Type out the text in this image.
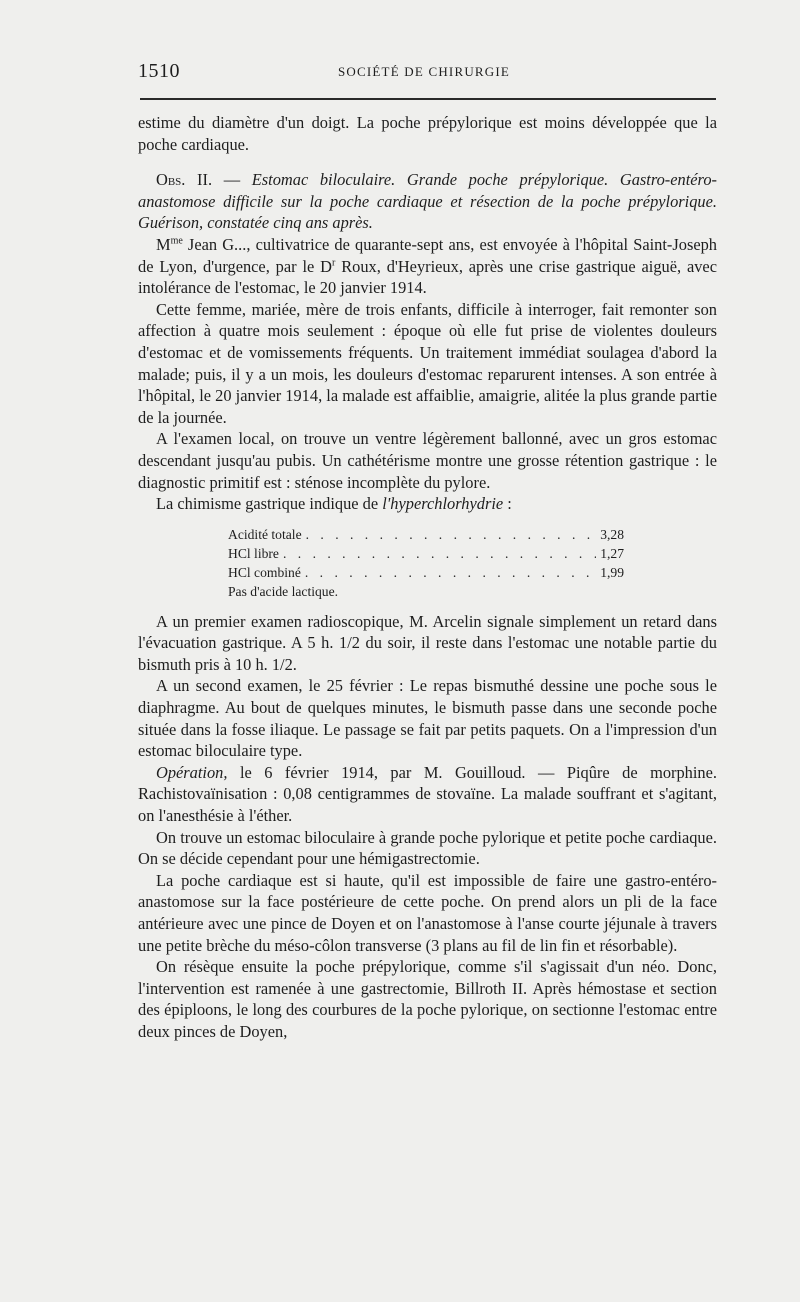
1510	SOCIÉTÉ DE CHIRURGIE

estime du diamètre d'un doigt. La poche prépylorique est moins développée que la poche cardiaque.

Obs. II. — Estomac biloculaire. Grande poche prépylorique. Gastro-entéro-anastomose difficile sur la poche cardiaque et résection de la poche prépylorique. Guérison, constatée cinq ans après.

$M^{me}$ Jean G..., cultivatrice de quarante-sept ans, est envoyée à l'hôpital Saint-Joseph de Lyon, d'urgence, par le $D^r$ Roux, d'Heyrieux, après une crise gastrique aiguë, avec intolérance de l'estomac, le 20 janvier 1914.

Cette femme, mariée, mère de trois enfants, difficile à interroger, fait remonter son affection à quatre mois seulement : époque où elle fut prise de violentes douleurs d'estomac et de vomissements fréquents. Un traitement immédiat soulagea d'abord la malade; puis, il y a un mois, les douleurs d'estomac reparurent intenses. A son entrée à l'hôpital, le 20 janvier 1914, la malade est affaiblie, amaigrie, alitée la plus grande partie de la journée.

A l'examen local, on trouve un ventre légèrement ballonné, avec un gros estomac descendant jusqu'au pubis. Un cathétérisme montre une grosse rétention gastrique : le diagnostic primitif est : sténose incomplète du pylore.

La chimisme gastrique indique de l'hyperchlorhydrie :

Acidité totale . . .	3,28
HCl libre . . .	1,27
HCl combiné . . .	1,99
Pas d'acide lactique.

A un premier examen radioscopique, M. Arcelin signale simplement un retard dans l'évacuation gastrique. A 5 h. 1/2 du soir, il reste dans l'estomac une notable partie du bismuth pris à 10 h. 1/2.

A un second examen, le 25 février : Le repas bismuthé dessine une poche sous le diaphragme. Au bout de quelques minutes, le bismuth passe dans une seconde poche située dans la fosse iliaque. Le passage se fait par petits paquets. On a l'impression d'un estomac biloculaire type.

Opération, le 6 février 1914, par M. Gouilloud. — Piqûre de morphine. Rachistovaïnisation : 0,08 centigrammes de stovaïne. La malade souffrant et s'agitant, on l'anesthésie à l'éther.

On trouve un estomac biloculaire à grande poche pylorique et petite poche cardiaque. On se décide cependant pour une hémigastrectomie.

La poche cardiaque est si haute, qu'il est impossible de faire une gastro-entéro-anastomose sur la face postérieure de cette poche. On prend alors un pli de la face antérieure avec une pince de Doyen et on l'anastomose à l'anse courte jéjunale à travers une petite brèche du méso-côlon transverse (3 plans au fil de lin fin et résorbable).

On résèque ensuite la poche prépylorique, comme s'il s'agissait d'un néo. Donc, l'intervention est ramenée à une gastrectomie, Billroth II. Après hémostase et section des épiploons, le long des courbures de la poche pylorique, on sectionne l'estomac entre deux pinces de Doyen,
